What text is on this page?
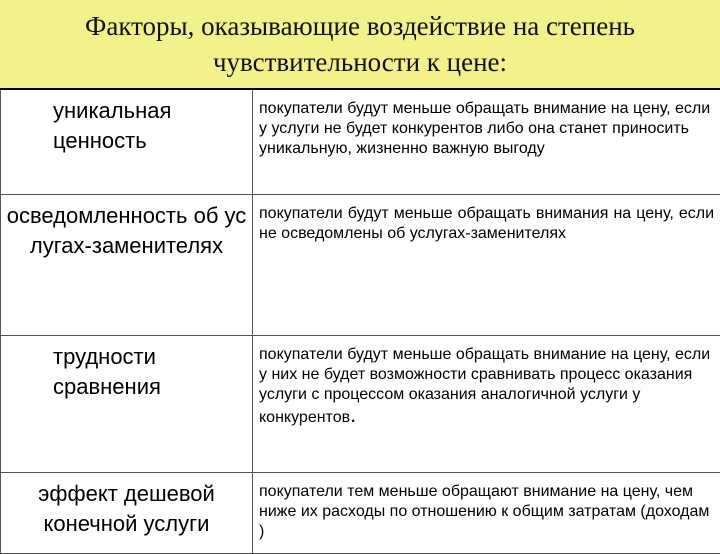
Факторы, оказывающие воздействие на степень чувствительности к цене:

уникальная ценность	покупатели будут меньше обращать внимание на цену, если у услуги не будет конкурентов либо она станет приносить уникальную, жизненно важную выгоду

осведомленность об услугах-заменителях	покупатели будут меньше обращать внимания на цену, если не осведомлены об услугах-заменителях

трудности сравнения	покупатели будут меньше обращать внимание на цену, если у них не будет возможности сравнивать процесс оказания услуги с процессом оказания аналогичной услуги у конкурентов.

эффект дешевой конечной услуги	покупатели тем меньше обращают внимание на цену, чем ниже их расходы по отношению к общим затратам (доходам )
